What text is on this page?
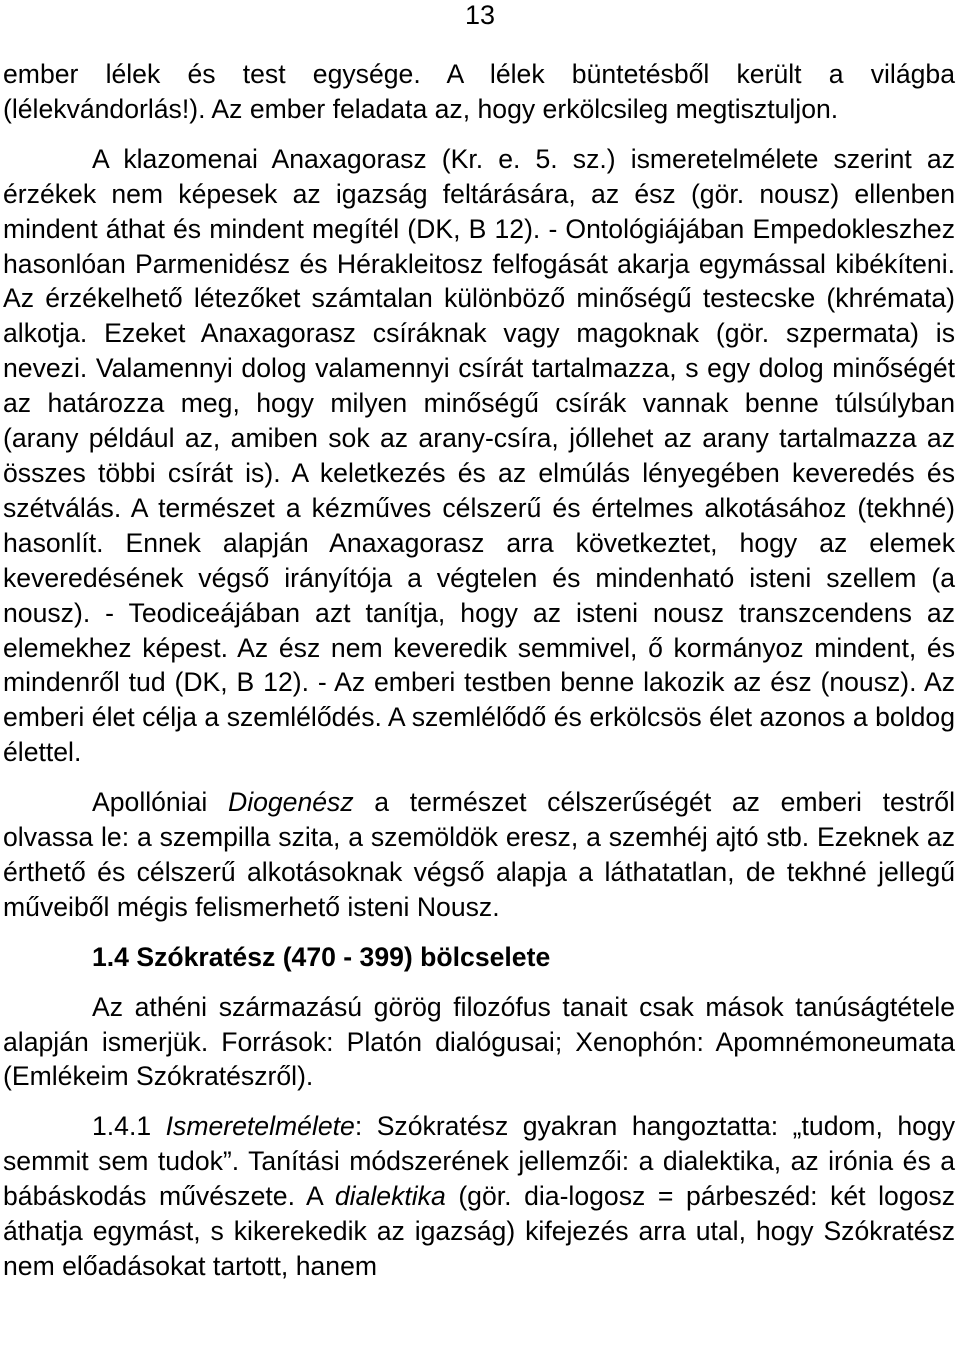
13

ember lélek és test egysége. A lélek büntetésből került a világba (lélekvándorlás!). Az ember feladata az, hogy erkölcsileg megtisztuljon.

A klazomenai Anaxagorasz (Kr. e. 5. sz.) ismeretelmélete szerint az érzékek nem képesek az igazság feltárására, az ész (gör. nousz) ellenben mindent áthat és mindent megítél (DK, B 12). - Ontológiájában Empedokleszhez hasonlóan Parmenidész és Hérakleitosz felfogását akarja egymással kibékíteni. Az érzékelhető létezőket számtalan különböző minőségű testecske (khrémata) alkotja. Ezeket Anaxagorasz csíráknak vagy magoknak (gör. szpermata) is nevezi. Valamennyi dolog valamennyi csírát tartalmazza, s egy dolog minőségét az határozza meg, hogy milyen minőségű csírák vannak benne túlsúlyban (arany például az, amiben sok az arany-csíra, jóllehet az arany tartalmazza az összes többi csírát is). A keletkezés és az elmúlás lényegében keveredés és szétválás. A természet a kézműves célszerű és értelmes alkotásához (tekhné) hasonlít. Ennek alapján Anaxagorasz arra következtet, hogy az elemek keveredésének végső irányítója a végtelen és mindenható isteni szellem (a nousz). - Teodiceájában azt tanítja, hogy az isteni nousz transzcendens az elemekhez képest. Az ész nem keveredik semmivel, ő kormányoz mindent, és mindenről tud (DK, B 12). - Az emberi testben benne lakozik az ész (nousz). Az emberi élet célja a szemlélődés. A szemlélődő és erkölcsös élet azonos a boldog élettel.

Apollóniai Diogenész a természet célszerűségét az emberi testről olvassa le: a szempilla szita, a szemöldök eresz, a szemhéj ajtó stb. Ezeknek az érthető és célszerű alkotásoknak végső alapja a láthatatlan, de tekhné jellegű műveiből mégis felismerhető isteni Nousz.

1.4 Szókratész (470 - 399) bölcselete

Az athéni származású görög filozófus tanait csak mások tanúságtétele alapján ismerjük. Források: Platón dialógusai; Xenophón: Apomnémoneumata (Emlékeim Szókratészről).

1.4.1 Ismeretelmélete: Szókratész gyakran hangoztatta: „tudom, hogy semmit sem tudok”. Tanítási módszerének jellemzői: a dialektika, az irónia és a bábáskodás művészete. A dialektika (gör. dia-logosz = párbeszéd: két logosz áthatja egymást, s kikerekedik az igazság) kifejezés arra utal, hogy Szókratész nem előadásokat tartott, hanem
